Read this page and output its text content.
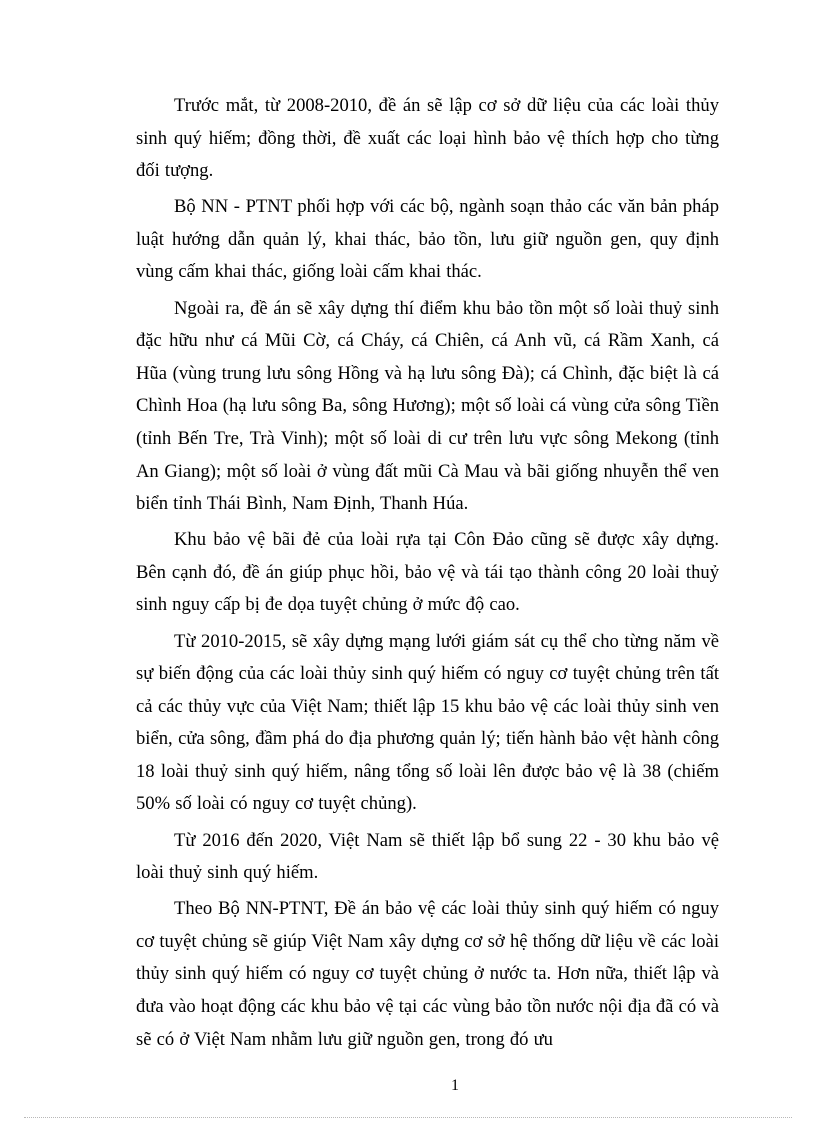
Trước mắt, từ 2008-2010, đề án sẽ lập cơ sở dữ liệu của các loài thủy sinh quý hiếm; đồng thời, đề xuất các loại hình bảo vệ thích hợp cho từng đối tượng.

Bộ NN - PTNT phối hợp với các bộ, ngành soạn thảo các văn bản pháp luật hướng dẫn quản lý, khai thác, bảo tồn, lưu giữ nguồn gen, quy định vùng cấm khai thác, giống loài cấm khai thác.

Ngoài ra, đề án sẽ xây dựng thí điểm khu bảo tồn một số loài thuỷ sinh đặc hữu như cá Mũi Cờ, cá Cháy, cá Chiên, cá Anh vũ, cá Rầm Xanh, cá Hũa (vùng trung lưu sông Hồng và hạ lưu sông Đà); cá Chình, đặc biệt là cá Chình Hoa (hạ lưu sông Ba, sông Hương); một số loài cá vùng cửa sông Tiền (tỉnh Bến Tre, Trà Vinh); một số loài di cư trên lưu vực sông Mekong (tỉnh An Giang); một số loài ở vùng đất mũi Cà Mau và bãi giống nhuyễn thể ven biển tỉnh Thái Bình, Nam Định, Thanh Húa.

Khu bảo vệ bãi đẻ của loài rựa tại Côn Đảo cũng sẽ được xây dựng. Bên cạnh đó, đề án giúp phục hồi, bảo vệ và tái tạo thành công 20 loài thuỷ sinh nguy cấp bị đe dọa tuyệt chủng ở mức độ cao.

Từ 2010-2015, sẽ xây dựng mạng lưới giám sát cụ thể cho từng năm về sự biến động của các loài thủy sinh quý hiếm có nguy cơ tuyệt chủng trên tất cả các thủy vực của Việt Nam; thiết lập 15 khu bảo vệ các loài thủy sinh ven biển, cửa sông, đầm phá do địa phương quản lý; tiến hành bảo vệt hành công 18 loài thuỷ sinh quý hiếm, nâng tổng số loài lên được bảo vệ là 38 (chiếm 50% số loài có nguy cơ tuyệt chủng).

Từ 2016 đến 2020, Việt Nam sẽ thiết lập bổ sung 22 - 30 khu bảo vệ loài thuỷ sinh quý hiếm.

Theo Bộ NN-PTNT, Đề án bảo vệ các loài thủy sinh quý hiếm có nguy cơ tuyệt chủng sẽ giúp Việt Nam xây dựng cơ sở hệ thống dữ liệu về các loài thủy sinh quý hiếm có nguy cơ tuyệt chủng ở nước ta. Hơn nữa, thiết lập và đưa vào hoạt động các khu bảo vệ tại các vùng bảo tồn nước nội địa đã có và sẽ có ở Việt Nam nhằm lưu giữ nguồn gen, trong đó ưu

1
